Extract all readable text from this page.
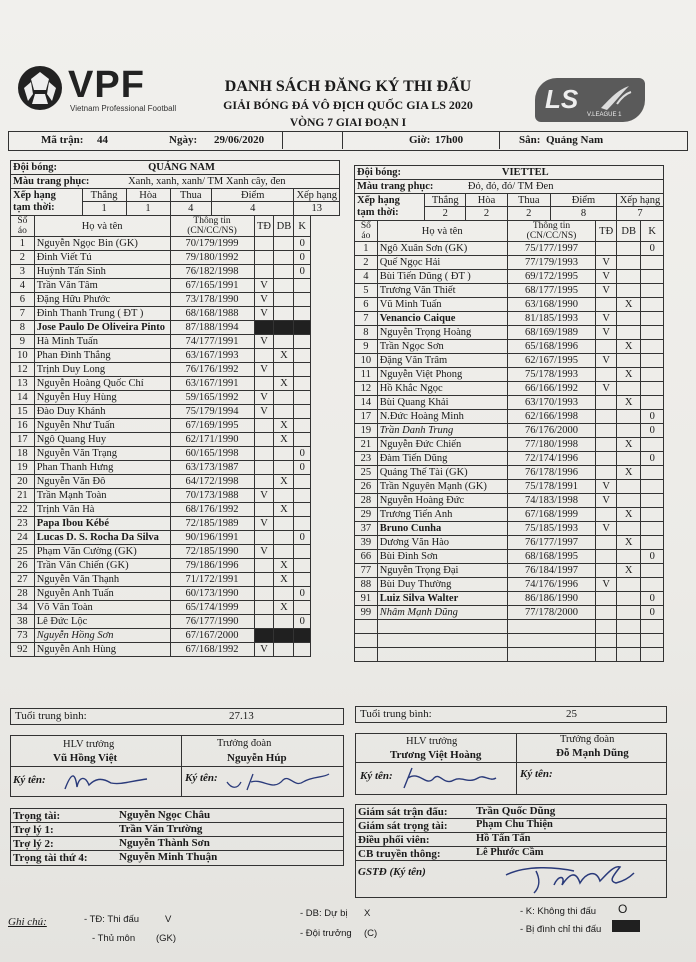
VPF
Vietnam Professional Football	LS
V.LEAGUE 1
DANH SÁCH ĐĂNG KÝ THI ĐẤU
GIẢI BÓNG ĐÁ VÔ ĐỊCH QUỐC GIA LS 2020
VÒNG 7 GIAI ĐOẠN I
Mã trận: 44	Ngày: 29/06/2020	Giờ: 17h00	Sân: Quảng Nam
Đội bóng:			QUẢNG NAM						
Màu trang phục:			Xanh, xanh, xanh/ TM Xanh cây, đen						
Xếp hạng
tạm thời:		Thắng	Hòa	Thua	Điểm			Xếp hạng	
		1	1	4	4			13	
Số
áo	Họ và tên			Thông tin
(CN/CC/NS)		TĐ	DB	K	
1	Nguyễn Ngọc Bin (GK)			70/179/1999				0	
2	Đinh Viết Tú			79/180/1992				0	
3	Huỳnh Tấn Sinh			76/182/1998				0	
4	Trần Văn Tâm			67/165/1991		V			
6	Đặng Hữu Phước			73/178/1990		V			
7	Đinh Thanh Trung ( ĐT )			68/168/1988		V			
8	Jose Paulo De Oliveira Pinto			87/188/1994					
9	Hà Minh Tuấn			74/177/1991		V			
10	Phan Đình Thắng			63/167/1993			X		
12	Trịnh Duy Long			76/176/1992		V			
13	Nguyễn Hoàng Quốc Chí			63/167/1991			X		
14	Nguyễn Huy Hùng			59/165/1992		V			
15	Đào Duy Khánh			75/179/1994		V			
16	Nguyễn Như Tuấn			67/169/1995			X		
17	Ngô Quang Huy			62/171/1990			X		
18	Nguyễn Văn Trạng			60/165/1998				0	
19	Phan Thanh Hưng			63/173/1987				0	
20	Nguyễn Văn Đô			64/172/1998			X		
21	Trần Mạnh Toàn			70/173/1988		V			
22	Trịnh Văn Hà			68/176/1992			X		
23	Papa Ibou Kébé			72/185/1989		V			
24	Lucas D. S. Rocha Da Silva			90/196/1991				0	
25	Phạm Văn Cường (GK)			72/185/1990		V			
26	Trần Văn Chiến (GK)			79/186/1996			X		
27	Nguyễn Văn Thạnh			71/172/1991			X		
28	Nguyễn Anh Tuấn			60/173/1990				0	
34	Võ Văn Toàn			65/174/1999			X		
38	Lê Đức Lộc			76/177/1990				0	
73	Nguyễn Hồng Sơn			67/167/2000					
92	Nguyễn Anh Hùng			67/168/1992		V			
Đội bóng:			VIETTEL					
Màu trang phục:			Đỏ, đỏ, đỏ/ TM Đen					
Xếp hạng
tạm thời:		Thắng	Hòa	Thua	Điểm		Xếp hạng	
		2	2	2	8		7	
Số
áo	Họ và tên			Thông tin
(CN/CC/NS)		TĐ	DB	K
1	Ngô Xuân Sơn (GK)			75/177/1997				0
2	Quế Ngọc Hải			77/179/1993		V		
4	Bùi Tiến Dũng ( ĐT )			69/172/1995		V		
5	Trương Văn Thiết			68/177/1995		V		
6	Vũ Minh Tuấn			63/168/1990			X	
7	Venancio Caique			81/185/1993		V		
8	Nguyễn Trọng Hoàng			68/169/1989		V		
9	Trần Ngọc Sơn			65/168/1996			X	
10	Đặng Văn Trâm			62/167/1995		V		
11	Nguyễn Việt Phong			75/178/1993			X	
12	Hồ Khắc Ngọc			66/166/1992		V		
14	Bùi Quang Khải			63/170/1993			X	
17	N.Đức Hoàng Minh			62/166/1998				0
19	Trần Danh Trung			76/176/2000				0
21	Nguyễn Đức Chiến			77/180/1998			X	
23	Đàm Tiến Dũng			72/174/1996				0
25	Quảng Thế Tài (GK)			76/178/1996			X	
26	Trần Nguyên Mạnh (GK)			75/178/1991		V		
28	Nguyễn Hoàng Đức			74/183/1998		V		
29	Trương Tiến Anh			67/168/1999			X	
37	Bruno Cunha			75/185/1993		V		
39	Dương Văn Hào			76/177/1997			X	
66	Bùi Đình Sơn			68/168/1995				0
77	Nguyễn Trọng Đại			76/184/1997			X	
88	Bùi Duy Thường			74/176/1996		V		
91	Luiz Silva Walter			86/186/1990				0
99	Nhâm Mạnh Dũng			77/178/2000				0

Tuổi trung bình:	27.13	Tuổi trung bình:	25
HLV trưởng
Vũ Hồng Việt
Trưởng đoàn
Nguyễn Húp
Ký tên:	Ký tên:
HLV trưởng
Trương Việt Hoàng
Trưởng đoàn
Đỗ Mạnh Dũng
Ký tên:	Ký tên:
Trọng tài:	Nguyễn Ngọc Châu
Trợ lý 1:	Trần Văn Trường
Trợ lý 2:	Nguyễn Thành Sơn
Trọng tài thứ 4:	Nguyễn Minh Thuận
Giám sát trận đấu:	Trần Quốc Dũng
Giám sát trọng tài:	Phạm Chu Thiện
Điều phối viên:	Hồ Tấn Tấn
CB truyền thông:	Lê Phước Cầm
GSTĐ (Ký tên)
Ghi chú:	- TĐ: Thi đấu	V
- Thủ môn (GK)
- DB: Dự bị X
- Đội trưởng (C)
- K: Không thi đấu O
- Bị đình chỉ thi đấu
